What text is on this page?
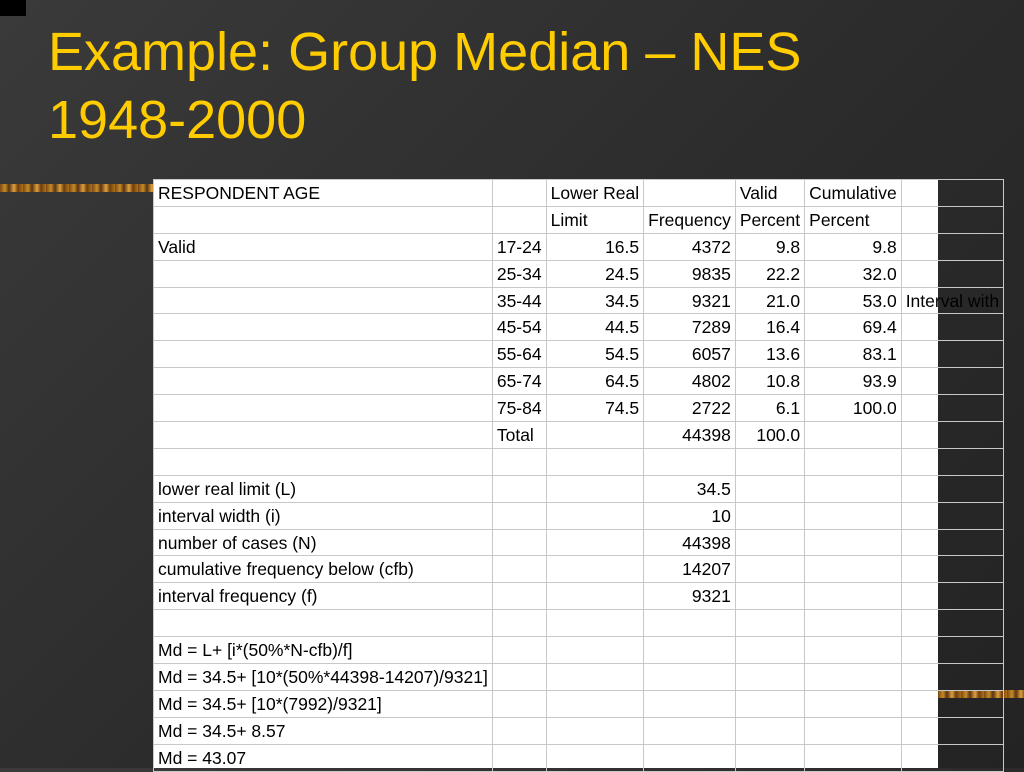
Example: Group Median – NES
1948-2000
RESPONDENT AGE		Lower Real		Valid	Cumulative	
		Limit	Frequency	Percent	Percent	
Valid	17-24	16.5	4372	9.8	9.8	
	25-34	24.5	9835	22.2	32.0	
	35-44	34.5	9321	21.0	53.0	Interval with
	45-54	44.5	7289	16.4	69.4	
	55-64	54.5	6057	13.6	83.1	
	65-74	64.5	4802	10.8	93.9	
	75-84	74.5	2722	6.1	100.0	
	Total		44398	100.0		

lower real limit (L)			34.5			
interval width (i)			10			
number of cases (N)			44398			
cumulative frequency below (cfb)			14207			
interval frequency (f)			9321			

Md = L+ [i*(50%*N-cfb)/f]						
Md = 34.5+ [10*(50%*44398-14207)/9321]						
Md = 34.5+ [10*(7992)/9321]						
Md = 34.5+ 8.57						
Md = 43.07						
